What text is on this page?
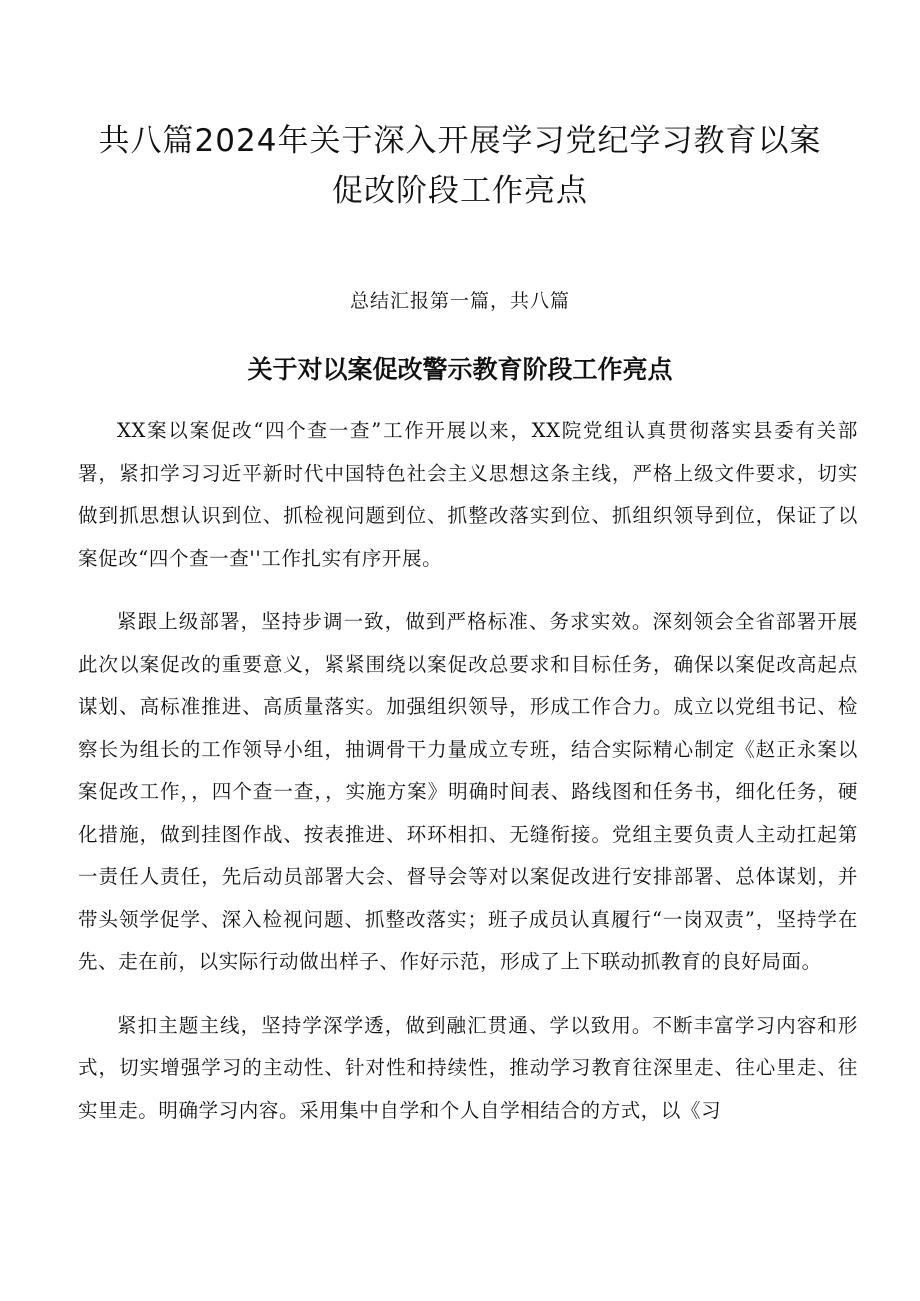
共八篇2024年关于深入开展学习党纪学习教育以案
促改阶段工作亮点

总结汇报第一篇，共八篇

关于对以案促改警示教育阶段工作亮点

XX案以案促改“四个查一查”工作开展以来，XX院党组认真贯彻落实县委有关部署，紧扣学习习近平新时代中国特色社会主义思想这条主线，严格上级文件要求，切实做到抓思想认识到位、抓检视问题到位、抓整改落实到位、抓组织领导到位，保证了以案促改“四个查一查''工作扎实有序开展。

紧跟上级部署，坚持步调一致，做到严格标准、务求实效。深刻领会全省部署开展此次以案促改的重要意义，紧紧围绕以案促改总要求和目标任务，确保以案促改高起点谋划、高标准推进、高质量落实。加强组织领导，形成工作合力。成立以党组书记、检察长为组长的工作领导小组，抽调骨干力量成立专班，结合实际精心制定《赵正永案以案促改工作，，四个查一查，，实施方案》明确时间表、路线图和任务书，细化任务，硬化措施，做到挂图作战、按表推进、环环相扣、无缝衔接。党组主要负责人主动扛起第一责任人责任，先后动员部署大会、督导会等对以案促改进行安排部署、总体谋划，并带头领学促学、深入检视问题、抓整改落实；班子成员认真履行“一岗双责”，坚持学在先、走在前，以实际行动做出样子、作好示范，形成了上下联动抓教育的良好局面。

紧扣主题主线，坚持学深学透，做到融汇贯通、学以致用。不断丰富学习内容和形式，切实增强学习的主动性、针对性和持续性，推动学习教育往深里走、往心里走、往实里走。明确学习内容。采用集中自学和个人自学相结合的方式，以《习
